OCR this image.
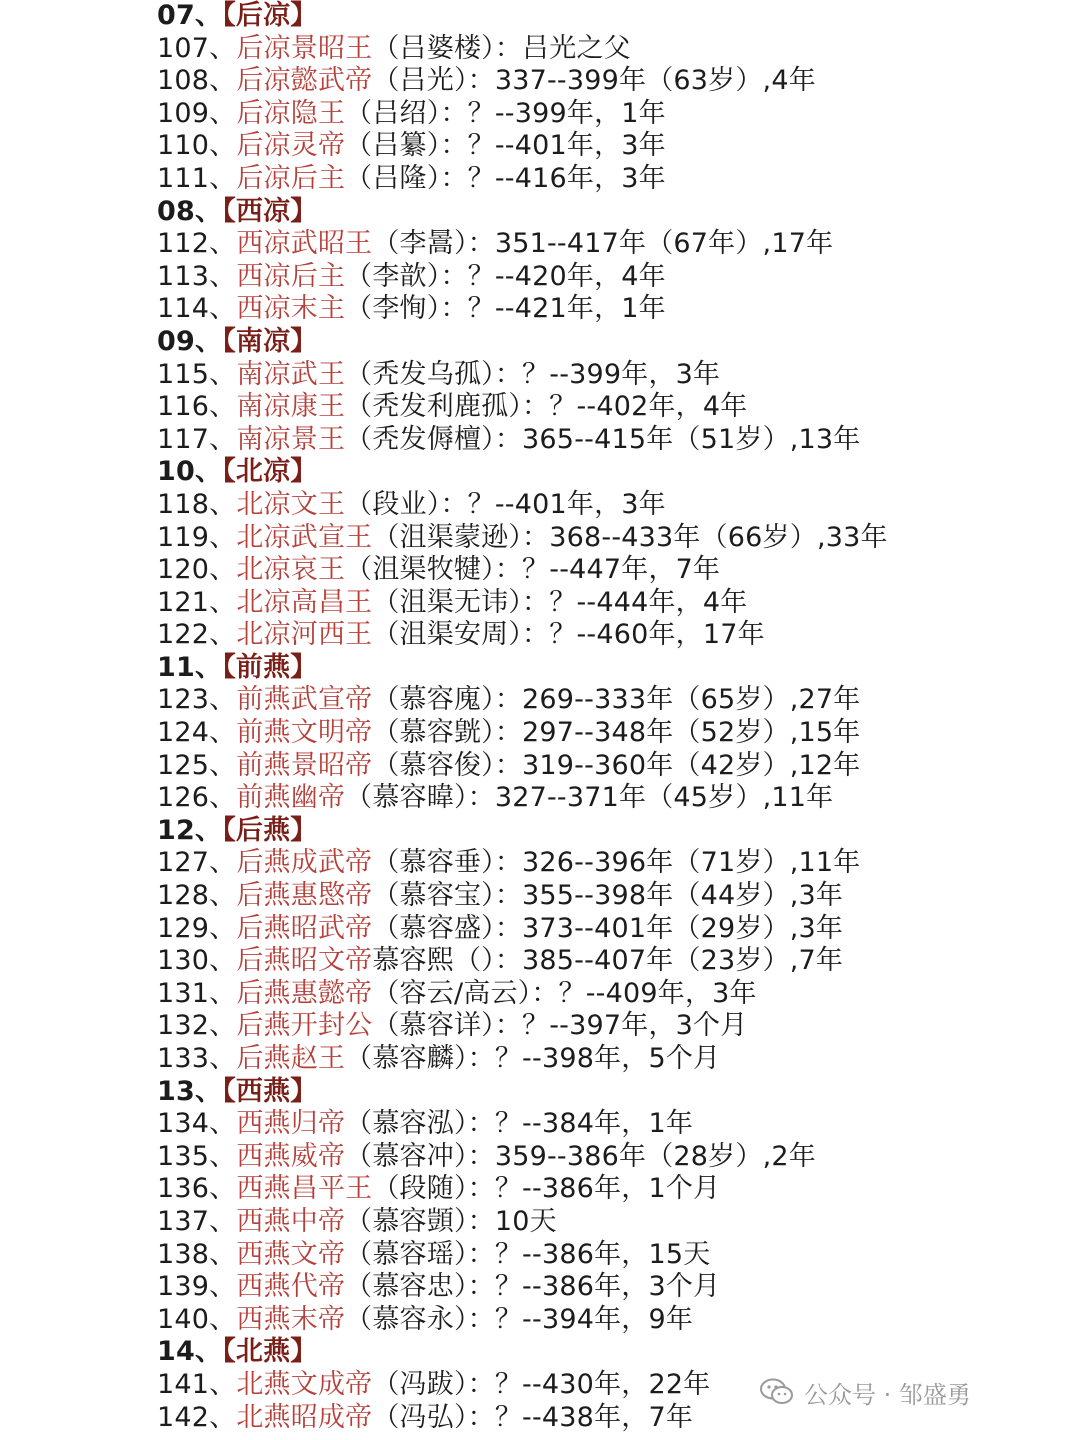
07、【后凉】
107、后凉景昭王（吕婆楼）：吕光之父
108、后凉懿武帝（吕光）：337--399年（63岁）,4年
109、后凉隐王（吕绍）：？--399年，1年
110、后凉灵帝（吕纂）：？--401年，3年
111、后凉后主（吕隆）：？--416年，3年
08、【西凉】
112、西凉武昭王（李暠）：351--417年（67年）,17年
113、西凉后主（李歆）：？--420年，4年
114、西凉末主（李恂）：？--421年，1年
09、【南凉】
115、南凉武王（秃发乌孤）：？--399年，3年
116、南凉康王（秃发利鹿孤）：？--402年，4年
117、南凉景王（秃发傉檀）：365--415年（51岁）,13年
10、【北凉】
118、北凉文王（段业）：？--401年，3年
119、北凉武宣王（沮渠蒙逊）：368--433年（66岁）,33年
120、北凉哀王（沮渠牧犍）：？--447年，7年
121、北凉高昌王（沮渠无讳）：？--444年，4年
122、北凉河西王（沮渠安周）：？--460年，17年
11、【前燕】
123、前燕武宣帝（慕容廆）：269--333年（65岁）,27年
124、前燕文明帝（慕容皝）：297--348年（52岁）,15年
125、前燕景昭帝（慕容俊）：319--360年（42岁）,12年
126、前燕幽帝（慕容暐）：327--371年（45岁）,11年
12、【后燕】
127、后燕成武帝（慕容垂）：326--396年（71岁）,11年
128、后燕惠愍帝（慕容宝）：355--398年（44岁）,3年
129、后燕昭武帝（慕容盛）：373--401年（29岁）,3年
130、后燕昭文帝慕容熙（）：385--407年（23岁）,7年
131、后燕惠懿帝（容云/高云）：？--409年，3年
132、后燕开封公（慕容详）：？--397年，3个月
133、后燕赵王（慕容麟）：？--398年，5个月
13、【西燕】
134、西燕归帝（慕容泓）：？--384年，1年
135、西燕威帝（慕容冲）：359--386年（28岁）,2年
136、西燕昌平王（段随）：？--386年，1个月
137、西燕中帝（慕容顗）：10天
138、西燕文帝（慕容瑶）：？--386年，15天
139、西燕代帝（慕容忠）：？--386年，3个月
140、西燕末帝（慕容永）：？--394年，9年
14、【北燕】
141、北燕文成帝（冯跋）：？--430年，22年
142、北燕昭成帝（冯弘）：？--438年，7年
公众号 · 邹盛勇
